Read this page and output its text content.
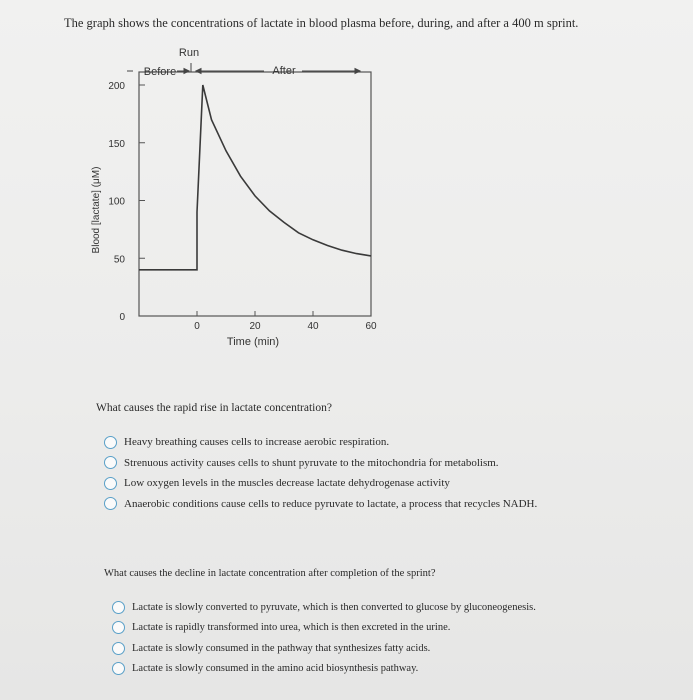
The graph shows the concentrations of lactate in blood plasma before, during, and after a 400 m sprint.
0
50
100
150
200
0	20	40	60
Blood [lactate] (μM)
Time (min)
Run
Before	After
What causes the rapid rise in lactate concentration?
Heavy breathing causes cells to increase aerobic respiration.
Strenuous activity causes cells to shunt pyruvate to the mitochondria for metabolism.
Low oxygen levels in the muscles decrease lactate dehydrogenase activity
Anaerobic conditions cause cells to reduce pyruvate to lactate, a process that recycles NADH.
What causes the decline in lactate concentration after completion of the sprint?
Lactate is slowly converted to pyruvate, which is then converted to glucose by gluconeogenesis.
Lactate is rapidly transformed into urea, which is then excreted in the urine.
Lactate is slowly consumed in the pathway that synthesizes fatty acids.
Lactate is slowly consumed in the amino acid biosynthesis pathway.
